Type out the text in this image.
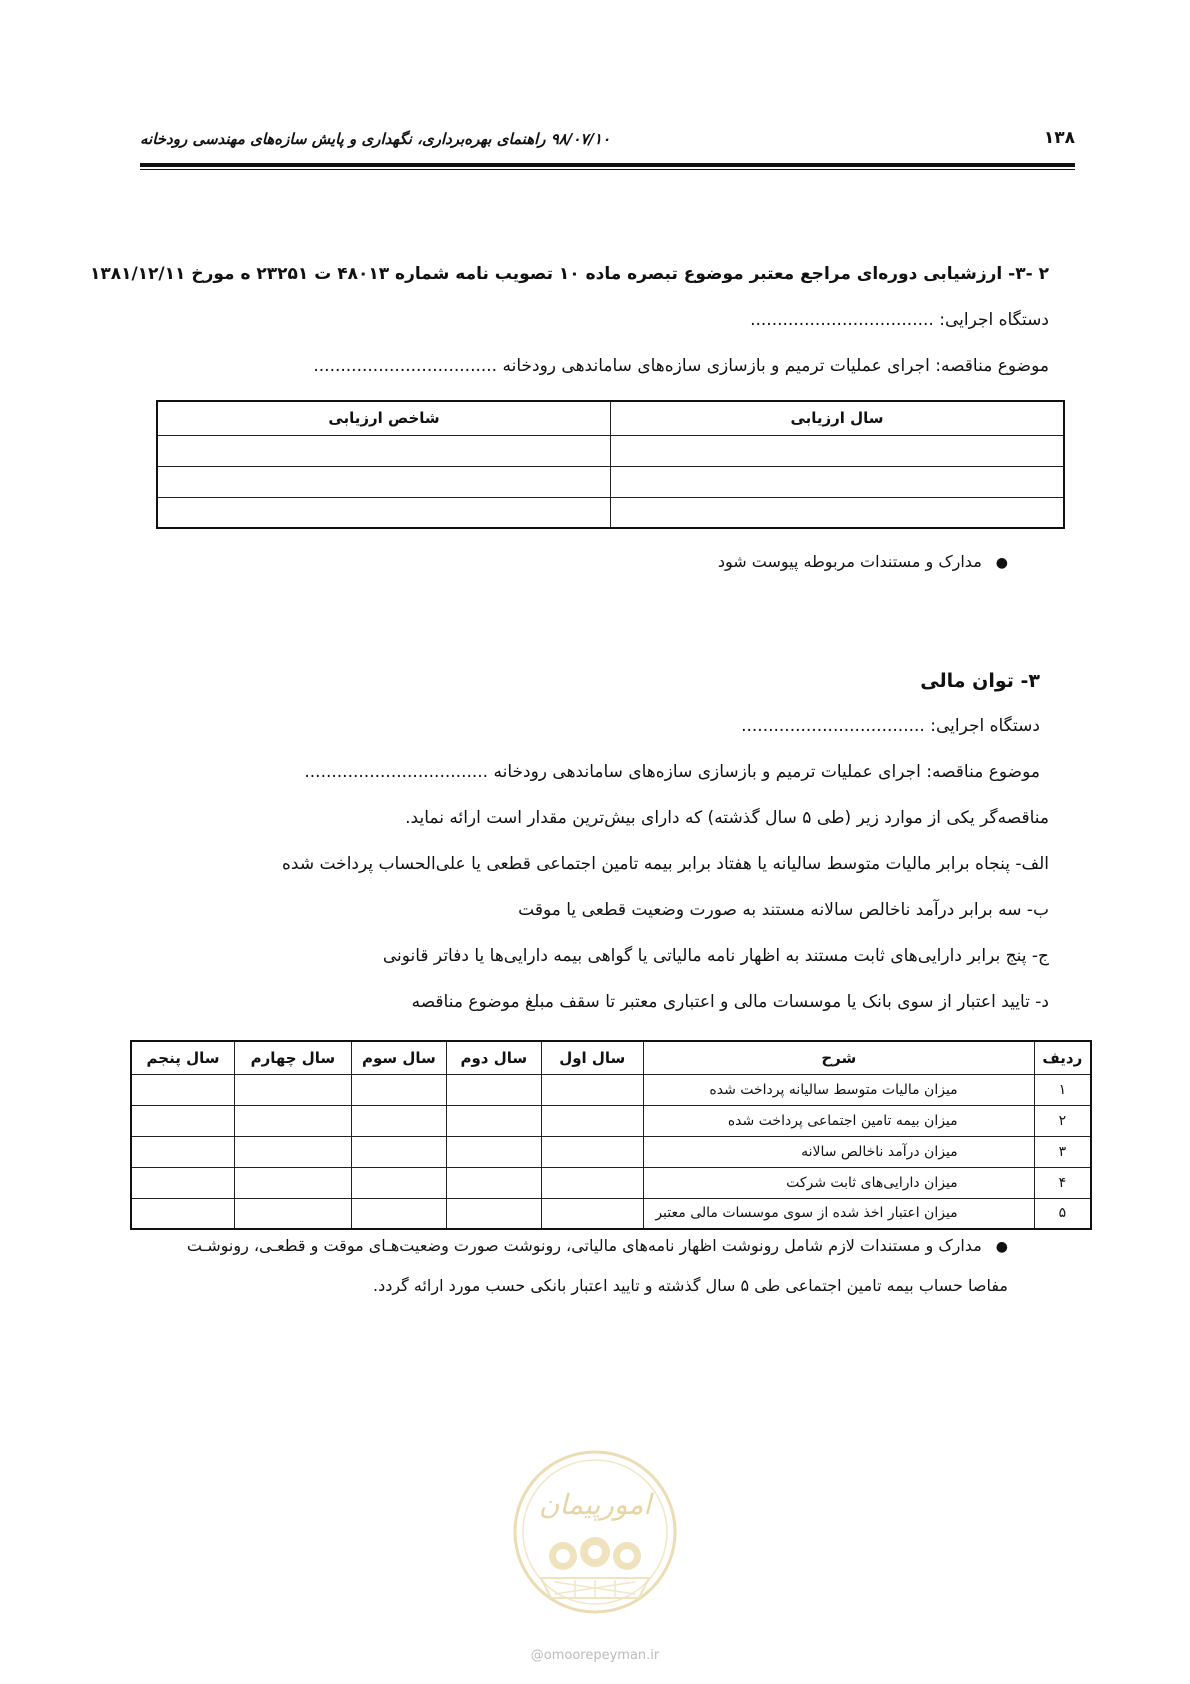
۱۳۸
۹۸/۰۷/۱۰ راهنمای بهره‌برداری، نگهداری و پایش سازه‌های مهندسی رودخانه
۲ -۳- ارزشیابی دوره‌ای مراجع معتبر موضوع تبصره ماده ۱۰ تصویب نامه شماره ۴۸۰۱۳ ت ۲۳۲۵۱ ه مورخ ۱۳۸۱/۱۲/۱۱
دستگاه اجرایی: ..................................
موضوع مناقصه: اجرای عملیات ترمیم و بازسازی سازه‌های ساماندهی رودخانه ..................................
سال ارزیابی	شاخص ارزیابی

●مدارک و مستندات مربوطه پیوست شود
۳- توان مالی
دستگاه اجرایی: ..................................
موضوع مناقصه: اجرای عملیات ترمیم و بازسازی سازه‌های ساماندهی رودخانه ..................................
مناقصه‌گر یکی از موارد زیر (طی ۵ سال گذشته) که دارای بیش‌ترین مقدار است ارائه نماید.
الف- پنجاه برابر مالیات متوسط سالیانه یا هفتاد برابر بیمه تامین اجتماعی قطعی یا علی‌الحساب پرداخت شده
ب- سه برابر درآمد ناخالص سالانه مستند به صورت وضعیت قطعی یا موقت
ج- پنج برابر دارایی‌های ثابت مستند به اظهار نامه مالیاتی یا گواهی بیمه دارایی‌ها یا دفاتر قانونی
د- تایید اعتبار از سوی بانک یا موسسات مالی و اعتباری معتبر تا سقف مبلغ موضوع مناقصه
ردیف	شرح	سال اول	سال دوم	سال سوم	سال چهارم	سال پنجم
۱	میزان مالیات متوسط سالیانه پرداخت شده					
۲	میزان بیمه تامین اجتماعی پرداخت شده					
۳	میزان درآمد ناخالص سالانه					
۴	میزان دارایی‌های ثابت شرکت					
۵	میزان اعتبار اخذ شده از سوی موسسات مالی معتبر					
●مدارک و مستندات لازم شامل رونوشت اظهار نامه‌های مالیاتی، رونوشت صورت وضعیت‌هـای موقت و قطعـی، رونوشـت
مفاصا حساب بیمه تامین اجتماعی طی ۵ سال گذشته و تایید اعتبار بانکی حسب مورد ارائه گردد.
امورپیمان
@omoorepeyman.ir
